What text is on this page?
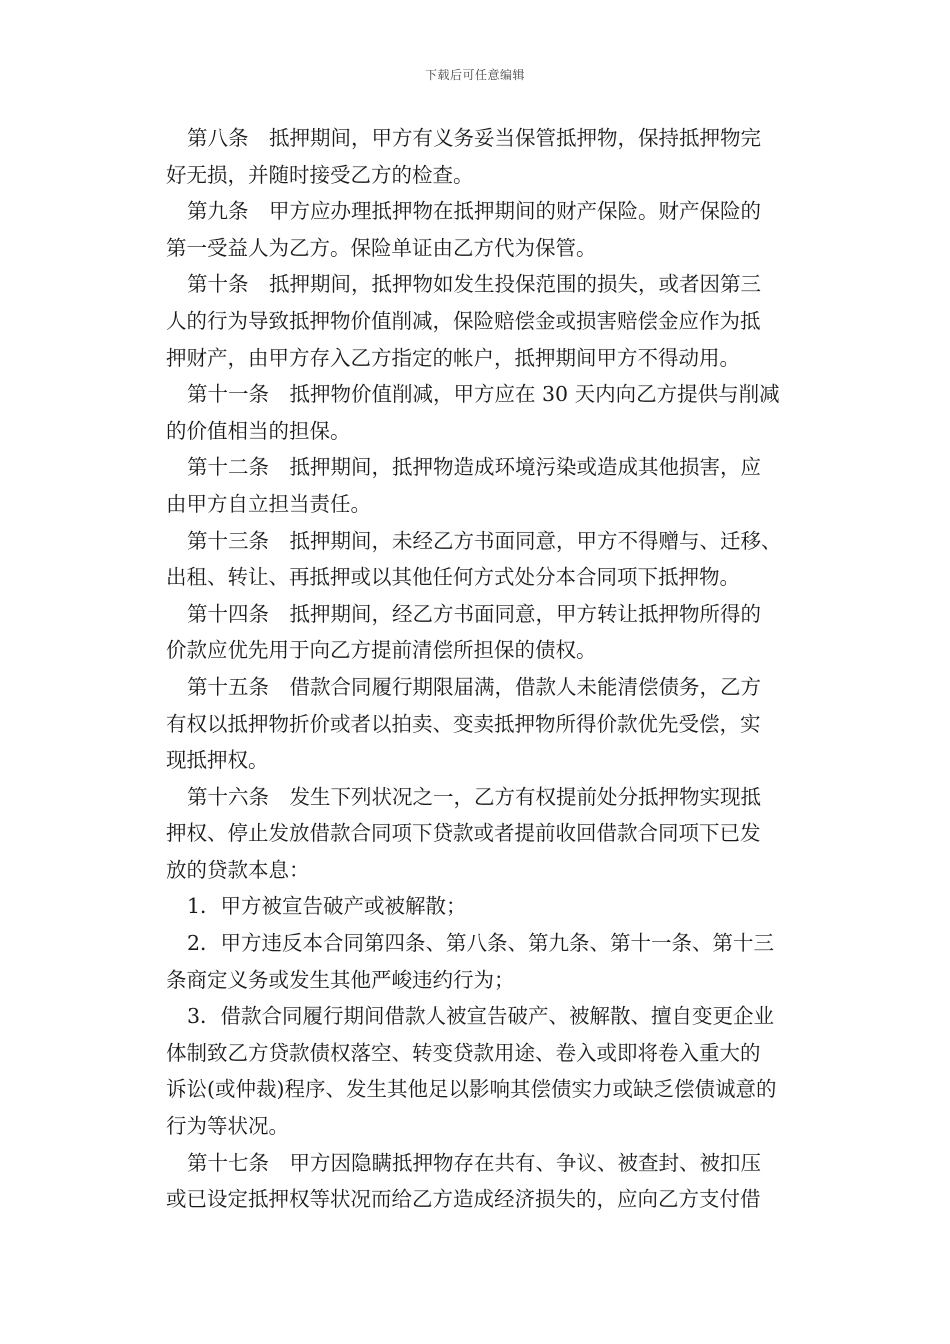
下载后可任意编辑
第八条　抵押期间，甲方有义务妥当保管抵押物，保持抵押物完
好无损，并随时接受乙方的检查。
第九条　甲方应办理抵押物在抵押期间的财产保险。财产保险的
第一受益人为乙方。保险单证由乙方代为保管。
第十条　抵押期间，抵押物如发生投保范围的损失，或者因第三
人的行为导致抵押物价值削减，保险赔偿金或损害赔偿金应作为抵
押财产，由甲方存入乙方指定的帐户，抵押期间甲方不得动用。
第十一条　抵押物价值削减，甲方应在 30 天内向乙方提供与削减
的价值相当的担保。
第十二条　抵押期间，抵押物造成环境污染或造成其他损害，应
由甲方自立担当责任。
第十三条　抵押期间，未经乙方书面同意，甲方不得赠与、迁移、
出租、转让、再抵押或以其他任何方式处分本合同项下抵押物。
第十四条　抵押期间，经乙方书面同意，甲方转让抵押物所得的
价款应优先用于向乙方提前清偿所担保的债权。
第十五条　借款合同履行期限届满，借款人未能清偿债务，乙方
有权以抵押物折价或者以拍卖、变卖抵押物所得价款优先受偿，实
现抵押权。
第十六条　发生下列状况之一，乙方有权提前处分抵押物实现抵
押权、停止发放借款合同项下贷款或者提前收回借款合同项下已发
放的贷款本息：
1．甲方被宣告破产或被解散；
2．甲方违反本合同第四条、第八条、第九条、第十一条、第十三
条商定义务或发生其他严峻违约行为；
3．借款合同履行期间借款人被宣告破产、被解散、擅自变更企业
体制致乙方贷款债权落空、转变贷款用途、卷入或即将卷入重大的
诉讼(或仲裁)程序、发生其他足以影响其偿债实力或缺乏偿债诚意的
行为等状况。
第十七条　甲方因隐瞒抵押物存在共有、争议、被查封、被扣压
或已设定抵押权等状况而给乙方造成经济损失的，应向乙方支付借
